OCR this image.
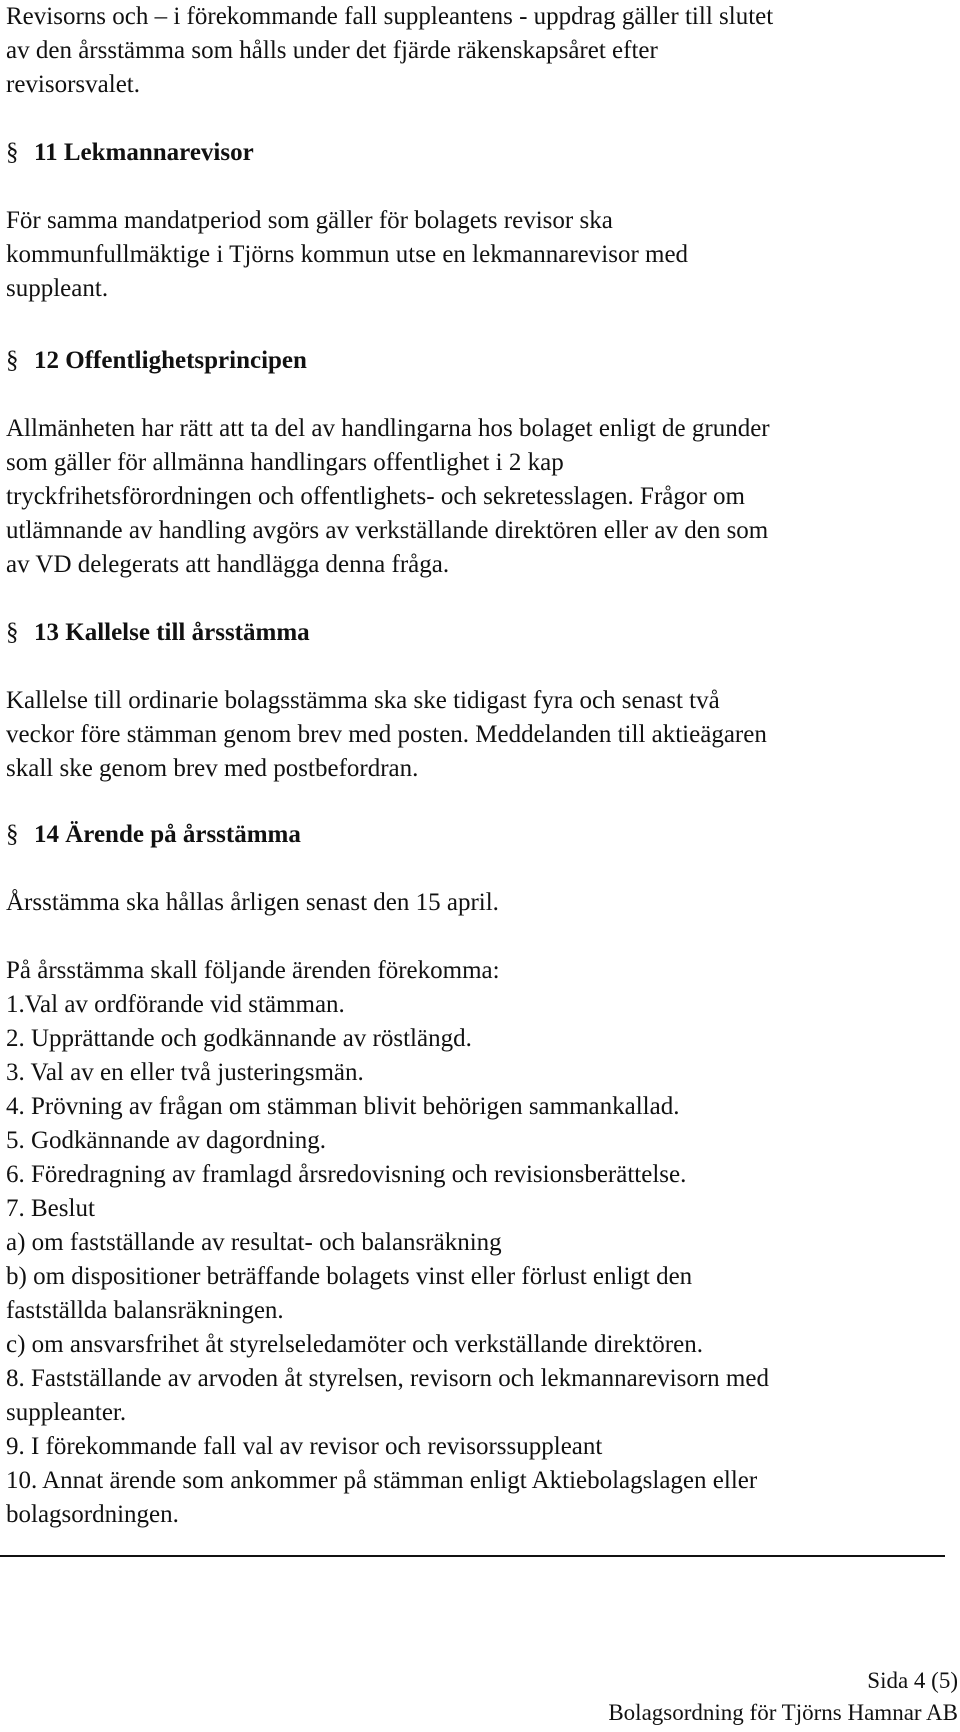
Revisorns och – i förekommande fall suppleantens - uppdrag gäller till slutet
av den årsstämma som hålls under det fjärde räkenskapsåret efter
revisorsvalet.
§ 11 Lekmannarevisor
För samma mandatperiod som gäller för bolagets revisor ska
kommunfullmäktige i Tjörns kommun utse en lekmannarevisor med
suppleant.
§ 12 Offentlighetsprincipen
Allmänheten har rätt att ta del av handlingarna hos bolaget enligt de grunder
som gäller för allmänna handlingars offentlighet i 2 kap
tryckfrihetsförordningen och offentlighets- och sekretesslagen. Frågor om
utlämnande av handling avgörs av verkställande direktören eller av den som
av VD delegerats att handlägga denna fråga.
§ 13 Kallelse till årsstämma
Kallelse till ordinarie bolagsstämma ska ske tidigast fyra och senast två
veckor före stämman genom brev med posten. Meddelanden till aktieägaren
skall ske genom brev med postbefordran.
§ 14 Ärende på årsstämma
Årsstämma ska hållas årligen senast den 15 april.
På årsstämma skall följande ärenden förekomma:
1.Val av ordförande vid stämman.
2. Upprättande och godkännande av röstlängd.
3. Val av en eller två justeringsmän.
4. Prövning av frågan om stämman blivit behörigen sammankallad.
5. Godkännande av dagordning.
6. Föredragning av framlagd årsredovisning och revisionsberättelse.
7. Beslut
a) om fastställande av resultat- och balansräkning
b) om dispositioner beträffande bolagets vinst eller förlust enligt den
fastställda balansräkningen.
c) om ansvarsfrihet åt styrelseledamöter och verkställande direktören.
8. Fastställande av arvoden åt styrelsen, revisorn och lekmannarevisorn med
suppleanter.
9. I förekommande fall val av revisor och revisorssuppleant
10. Annat ärende som ankommer på stämman enligt Aktiebolagslagen eller
bolagsordningen.
Sida 4 (5)
Bolagsordning för Tjörns Hamnar AB
